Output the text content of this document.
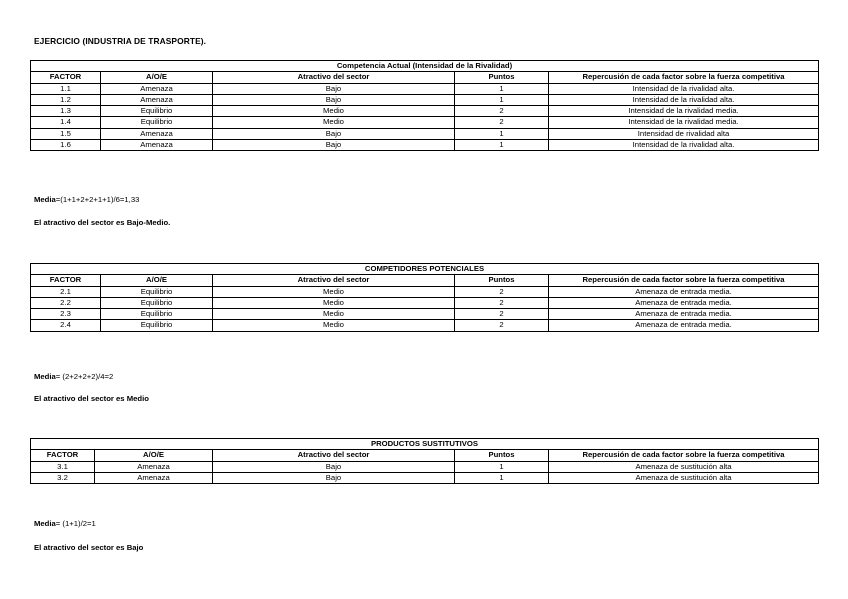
EJERCICIO (INDUSTRIA DE TRASPORTE).
Competencia Actual (Intensidad de la Rivalidad)				
FACTOR	A/O/E	Atractivo del sector	Puntos	Repercusión de cada factor sobre la fuerza competitiva
1.1	Amenaza	Bajo	1	Intensidad de la rivalidad alta.
1.2	Amenaza	Bajo	1	Intensidad de la rivalidad alta.
1.3	Equilibrio	Medio	2	Intensidad de la rivalidad media.
1.4	Equilibrio	Medio	2	Intensidad de la rivalidad media.
1.5	Amenaza	Bajo	1	Intensidad de rivalidad alta
1.6	Amenaza	Bajo	1	Intensidad de la rivalidad alta.
Media=(1+1+2+2+1+1)/6=1,33
El atractivo del sector es Bajo-Medio.
COMPETIDORES POTENCIALES				
FACTOR	A/O/E	Atractivo del sector	Puntos	Repercusión de cada factor sobre la fuerza competitiva
2.1	Equilibrio	Medio	2	Amenaza de entrada media.
2.2	Equilibrio	Medio	2	Amenaza de entrada media.
2.3	Equilibrio	Medio	2	Amenaza de entrada media.
2.4	Equilibrio	Medio	2	Amenaza de entrada media.
Media= (2+2+2+2)/4=2
El atractivo del sector es Medio
PRODUCTOS SUSTITUTIVOS				
FACTOR	A/O/E	Atractivo del sector	Puntos	Repercusión de cada factor sobre la fuerza competitiva
3.1	Amenaza	Bajo	1	Amenaza de sustitución alta
3.2	Amenaza	Bajo	1	Amenaza de sustitución alta
Media= (1+1)/2=1
El atractivo del sector es Bajo
